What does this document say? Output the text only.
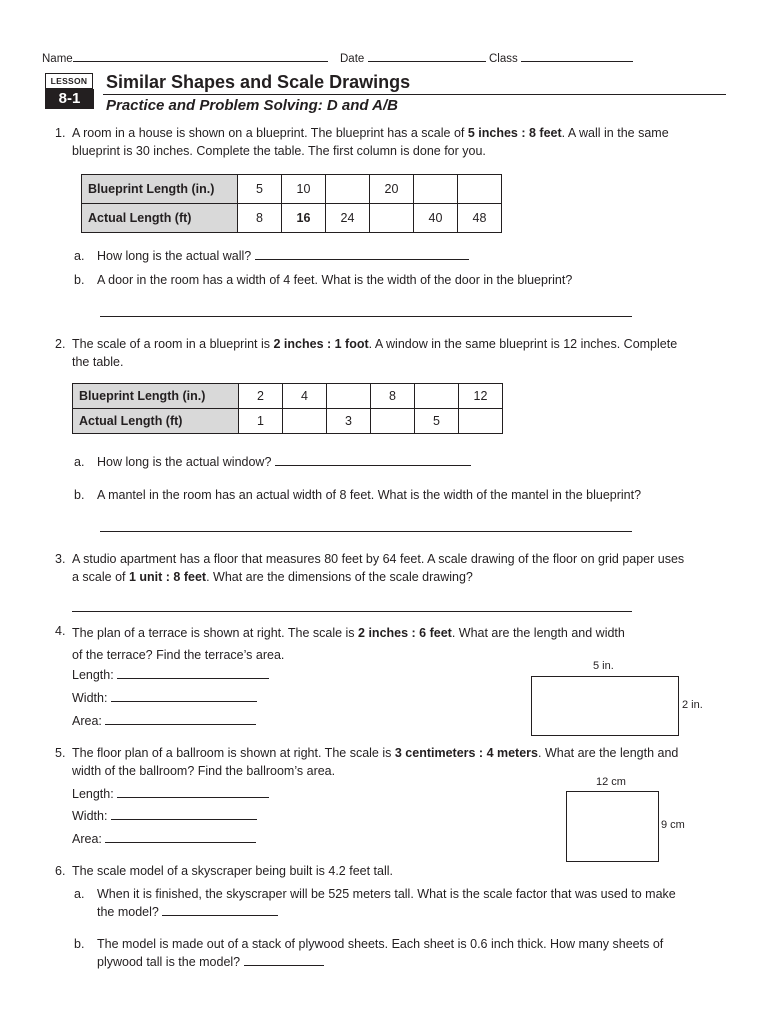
Name	Date	Class
LESSON
8-1
Similar Shapes and Scale Drawings
Practice and Problem Solving: D and A/B
1. A room in a house is shown on a blueprint. The blueprint has a scale of 5 inches : 8 feet. A wall in the same
blueprint is 30 inches. Complete the table. The first column is done for you.
Blueprint Length (in.)	5	10		20		
Actual Length (ft)	8	16	24		40	48
a. How long is the actual wall?
b. A door in the room has a width of 4 feet. What is the width of the door in the blueprint?
2. The scale of a room in a blueprint is 2 inches : 1 foot. A window in the same blueprint is 12 inches. Complete
the table.
Blueprint Length (in.)	2	4		8		12
Actual Length (ft)	1		3		5	
a. How long is the actual window?
b. A mantel in the room has an actual width of 8 feet. What is the width of the mantel in the blueprint?
3. A studio apartment has a floor that measures 80 feet by 64 feet. A scale drawing of the floor on grid paper uses
a scale of 1 unit : 8 feet. What are the dimensions of the scale drawing?
4. The plan of a terrace is shown at right. The scale is 2 inches : 6 feet. What are the length and width
of the terrace? Find the terrace’s area.
Length:
Width:
Area:
5 in.
2 in.
5. The floor plan of a ballroom is shown at right. The scale is 3 centimeters : 4 meters. What are the length and
width of the ballroom? Find the ballroom’s area.
Length:
Width:
Area:
12 cm
9 cm
6. The scale model of a skyscraper being built is 4.2 feet tall.
a. When it is finished, the skyscraper will be 525 meters tall. What is the scale factor that was used to make
the model?
b. The model is made out of a stack of plywood sheets. Each sheet is 0.6 inch thick. How many sheets of
plywood tall is the model?
